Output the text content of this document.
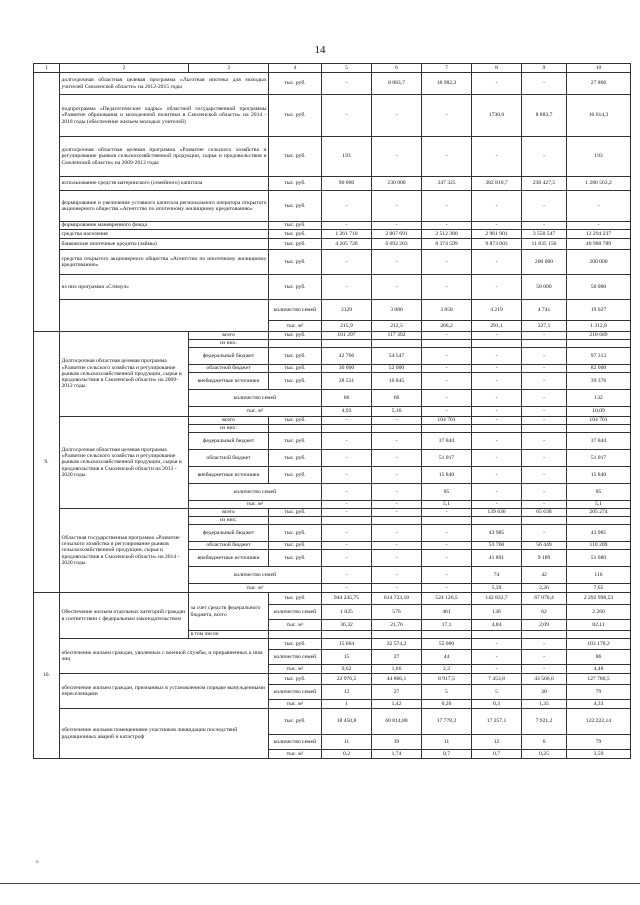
14
1	2	3	4	5	6	7	8	9	10
	долгосрочная областная целевая программа «Льготная ипотека для молодых учителей Смоленской области» на 2012-2015 годы		тыс. руб.	-	8 883,7	18 982,3	-	-	27 866
	подпрограмма «Педагогические кадры» областной государственной программы «Развитие образования и молодежной политики в Смоленской области» на 2014 - 2018 годы (обеспечение жильем молодых учителей)		тыс. руб.	-	-	-	1730,6	8 883,7	10 614,3
	долгосрочная областная целевая программа «Развитие сельского хозяйства и регулирование рынков сельскохозяйственной продукции, сырья и продовольствия в Смоленской области» на 2009-2012 годы		тыс. руб.	193	-	-	-	-	193
	использование средств материнского (семейного) капитала		тыс. руб.	90 000	230 000	347 325	382 810,7	230 427,5	1 280 563,2
	формирование и увеличение уставного капитала регионального оператора открытого акционерного общества «Агентство по ипотечному жилищному кредитованию»		тыс. руб.	-	-	-	-	-	-
	формирование маневренного фонда		тыс. руб.	-	-	-	-	-	-
	средства населения		тыс. руб.	1 261 718	2 007 691	2 512 380	2 961 901	3 550 547	12 294 237
	банковские ипотечные кредиты (займы)		тыс. руб.	4 205 728	6 692 203	8 374 599	9 873 003	11 835 156	40 980 789
	средства открытого акционерного общества «Агентство по ипотечному жилищному кредитованию»		тыс. руб.	-	-	-	-	200 000	200 000
	из них программа «Стимул»		тыс. руб.	-	-	-	-	50 000	50 000
			количество семей	3129	3 080	3 858	4 219	4 741	19 027
			тыс. м²	215,9	212,5	266,2	291,1	327,1	1 312,8
9.	Долгосрочная областная целевая программа «Развитие сельского хозяйства и регулирование рынков сельскохозяйственной продукции, сырья и продовольствия в Смоленской области» на 2009-2012 годы	всего	тыс. руб.	101 297	117 392	-	-	-	218 689
		из них:							
		федеральный бюджет	тыс. руб.	42 766	54 547	-	-	-	97 313
		областной бюджет	тыс. руб.	30 000	52 000	-	-	-	82 000
		внебюджетные источники	тыс. руб.	28 531	10 845	-	-	-	39 376
		количество семей		66	66	-	-	-	132
		тыс. м²		4,93	5,16	-	-	-	10,09
	Долгосрочная областная целевая программа «Развитие сельского хозяйства и регулирование рынков сельскохозяйственной продукции, сырья и продовольствия в Смоленской области на 2013 - 2020 годы	всего	тыс. руб.	-	-	104 701	-	-	104 701
		из них:							
		федеральный бюджет	тыс. руб.	-	-	37 844	-	-	37 844
		областной бюджет	тыс. руб.	-	-	51 017	-	-	51 017
		внебюджетные источники	тыс. руб.	-	-	15 840	-	-	15 840
		количество семей		-	-	85	-	-	85
		тыс. м²		-	-	5,1	-	-	5,1
	Областная государственная программа «Развитие сельского хозяйства и регулирование рынков сельскохозяйственной продукции, сырья и продовольствия в Смоленской области» на 2014 - 2020 годы	всего	тыс. руб.	-	-	-	139 636	65 638	205 274
		из них:							
		федеральный бюджет	тыс. руб.	-	-	-	43 985	-	43 985
		областной бюджет	тыс. руб.	-	-	-	53 760	56 449	110 209
		внебюджетные источники	тыс. руб.	-	-	-	41 891	9 189	51 080
		количество семей		-	-	-	74	42	116
		тыс. м²		-	-	-	5,39	2,26	7,65
10.	Обеспечение жильем отдельных категорий граждан в соответствии с федеральным законодательством	за счет средств федерального бюджета, всего	тыс. руб.	944 245,75	614 723,18	524 126,5	142 832,7	67 070,4	2 292 998,53
			количество семей	1 025	576	461	136	62	2 260
			тыс. м²	36,32	21,76	17,1	4,84	2,09	82,11
		в том числе:							
	обеспечение жильем граждан, уволенных с военной службы, и приравненных к ним лиц		тыс. руб.	15 604	32 574,2	55 000	-	-	103 178,2
			количество семей	15	27	44	-	-	86
			тыс. м²	0,62	1,66	2,2	-	-	4,48
	обеспечение жильем граждан, признанных в установленном порядке вынужденными переселенцами		тыс. руб.	22 976,5	44 866,1	8 917,5	7 453,8	43 566,6	127 780,5
			количество семей	12	27	5	5	30	79
			тыс. м²	1	1,42	0,26	0,3	1,35	4,33
	обеспечение жилыми помещениями участников ликвидации последствий радиационных аварий и катастроф		тыс. руб.	18 450,8	60 814,88	17 778,2	17 257,1	7 921,2	122 222,14
			количество семей	11	39	11	12	6	79
			тыс. м²	0,2	1,74	0,7	0,7	0,25	3,59
ᵘ
